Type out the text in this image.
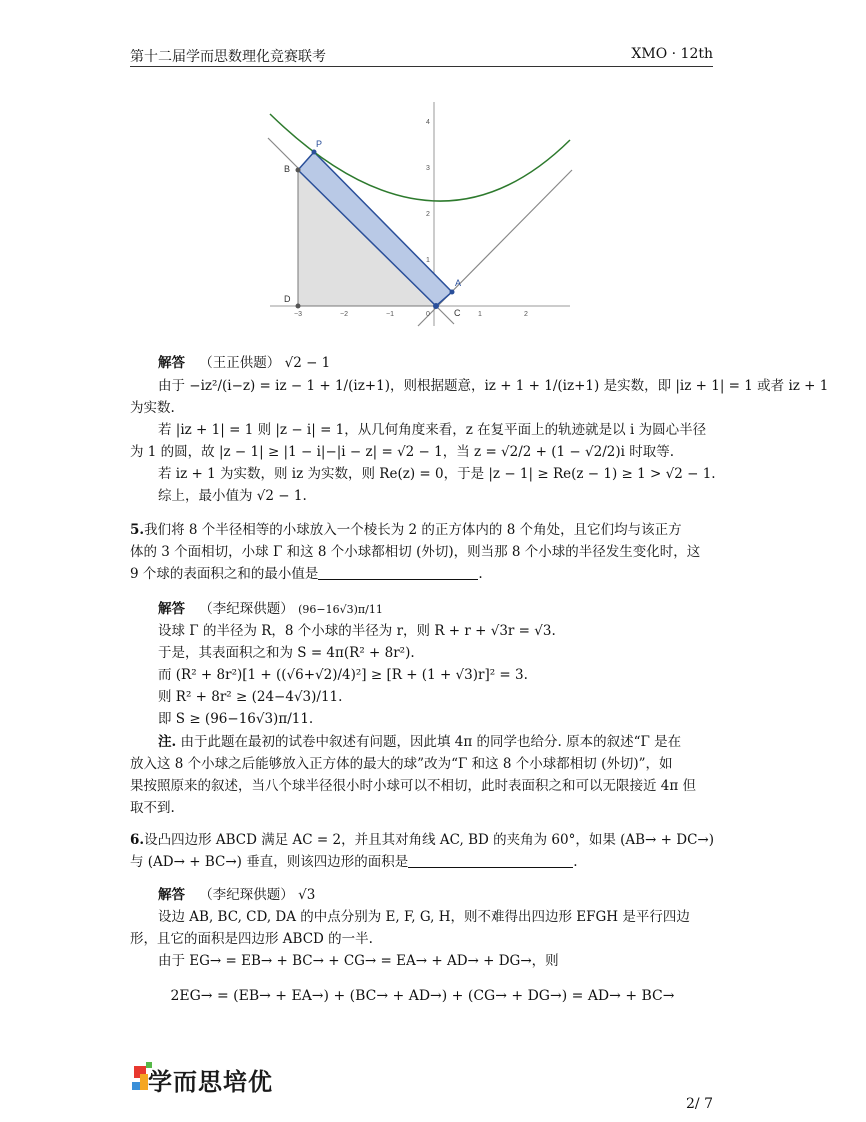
第十二届学而思数理化竞赛联考	XMO · 12th
P
B
A
D
C
−3	−2	−1	0	1	2
1
2
3
4
解答 （王正供题） √2 − 1
由于 −iz²/(i−z) = iz − 1 + 1/(iz+1)，则根据题意，iz + 1 + 1/(iz+1) 是实数，即 |iz + 1| = 1 或者 iz + 1
为实数.
若 |iz + 1| = 1 则 |z − i| = 1，从几何角度来看，z 在复平面上的轨迹就是以 i 为圆心半径
为 1 的圆，故 |z − 1| ≥ |1 − i|−|i − z| = √2 − 1，当 z = √2/2 + (1 − √2/2)i 时取等.
若 iz + 1 为实数，则 iz 为实数，则 Re(z) = 0，于是 |z − 1| ≥ Re(z − 1) ≥ 1 > √2 − 1.
综上，最小值为 √2 − 1.
5.我们将 8 个半径相等的小球放入一个棱长为 2 的正方体内的 8 个角处，且它们均与该正方
体的 3 个面相切，小球 Γ 和这 8 个小球都相切 (外切)，则当那 8 个小球的半径发生变化时，这
9 个球的表面积之和的最小值是	.
解答 （李纪琛供题） (96−16√3)π/11
设球 Γ 的半径为 R，8 个小球的半径为 r，则 R + r + √3r = √3.
于是，其表面积之和为 S = 4π(R² + 8r²).
而 (R² + 8r²)[1 + ((√6+√2)/4)²] ≥ [R + (1 + √3)r]² = 3.
则 R² + 8r² ≥ (24−4√3)/11.
即 S ≥ (96−16√3)π/11.
注. 由于此题在最初的试卷中叙述有问题，因此填 4π 的同学也给分. 原本的叙述“Γ 是在
放入这 8 个小球之后能够放入正方体的最大的球”改为“Γ 和这 8 个小球都相切 (外切)”，如
果按照原来的叙述，当八个球半径很小时小球可以不相切，此时表面积之和可以无限接近 4π 但
取不到.
6.设凸四边形 ABCD 满足 AC = 2，并且其对角线 AC, BD 的夹角为 60°，如果 (AB→ + DC→)
与 (AD→ + BC→) 垂直，则该四边形的面积是	.
解答 （李纪琛供题） √3
设边 AB, BC, CD, DA 的中点分别为 E, F, G, H，则不难得出四边形 EFGH 是平行四边
形，且它的面积是四边形 ABCD 的一半.
由于 EG→ = EB→ + BC→ + CG→ = EA→ + AD→ + DG→，则
2EG→ = (EB→ + EA→) + (BC→ + AD→) + (CG→ + DG→) = AD→ + BC→
学而思培优
2/ 7
